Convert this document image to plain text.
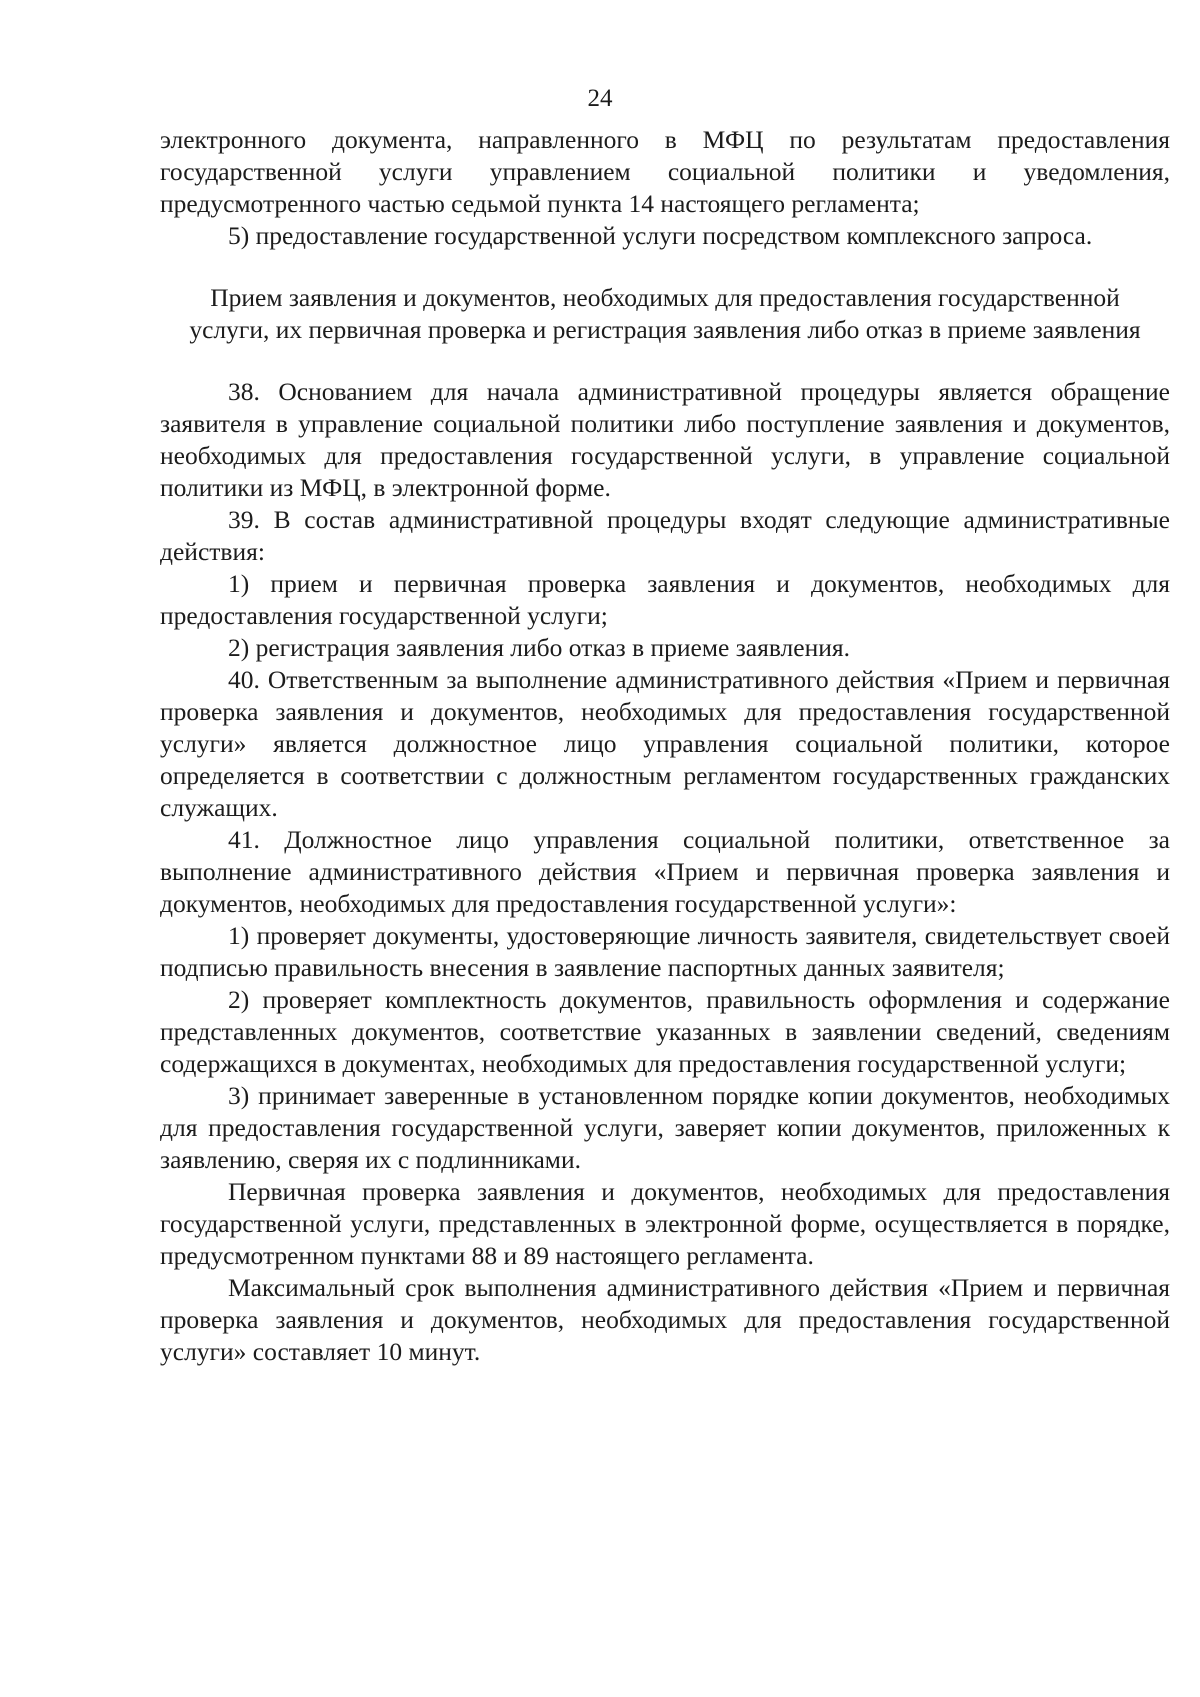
24

электронного документа, направленного в МФЦ по результатам предоставления государственной услуги управлением социальной политики и уведомления, предусмотренного частью седьмой пункта 14 настоящего регламента;

5) предоставление государственной услуги посредством комплексного запроса.

Прием заявления и документов, необходимых для предоставления государственной услуги, их первичная проверка и регистрация заявления либо отказ в приеме заявления

38. Основанием для начала административной процедуры является обращение заявителя в управление социальной политики либо поступление заявления и документов, необходимых для предоставления государственной услуги, в управление социальной политики из МФЦ, в электронной форме.

39. В состав административной процедуры входят следующие административные действия:

1) прием и первичная проверка заявления и документов, необходимых для предоставления государственной услуги;

2) регистрация заявления либо отказ в приеме заявления.

40. Ответственным за выполнение административного действия «Прием и первичная проверка заявления и документов, необходимых для предоставления государственной услуги» является должностное лицо управления социальной политики, которое определяется в соответствии с должностным регламентом государственных гражданских служащих.

41. Должностное лицо управления социальной политики, ответственное за выполнение административного действия «Прием и первичная проверка заявления и документов, необходимых для предоставления государственной услуги»:

1) проверяет документы, удостоверяющие личность заявителя, свидетельствует своей подписью правильность внесения в заявление паспортных данных заявителя;

2) проверяет комплектность документов, правильность оформления и содержание представленных документов, соответствие указанных в заявлении сведений, сведениям содержащихся в документах, необходимых для предоставления государственной услуги;

3) принимает заверенные в установленном порядке копии документов, необходимых для предоставления государственной услуги, заверяет копии документов, приложенных к заявлению, сверяя их с подлинниками.

Первичная проверка заявления и документов, необходимых для предоставления государственной услуги, представленных в электронной форме, осуществляется в порядке, предусмотренном пунктами 88 и 89 настоящего регламента.

Максимальный срок выполнения административного действия «Прием и первичная проверка заявления и документов, необходимых для предоставления государственной услуги» составляет 10 минут.
